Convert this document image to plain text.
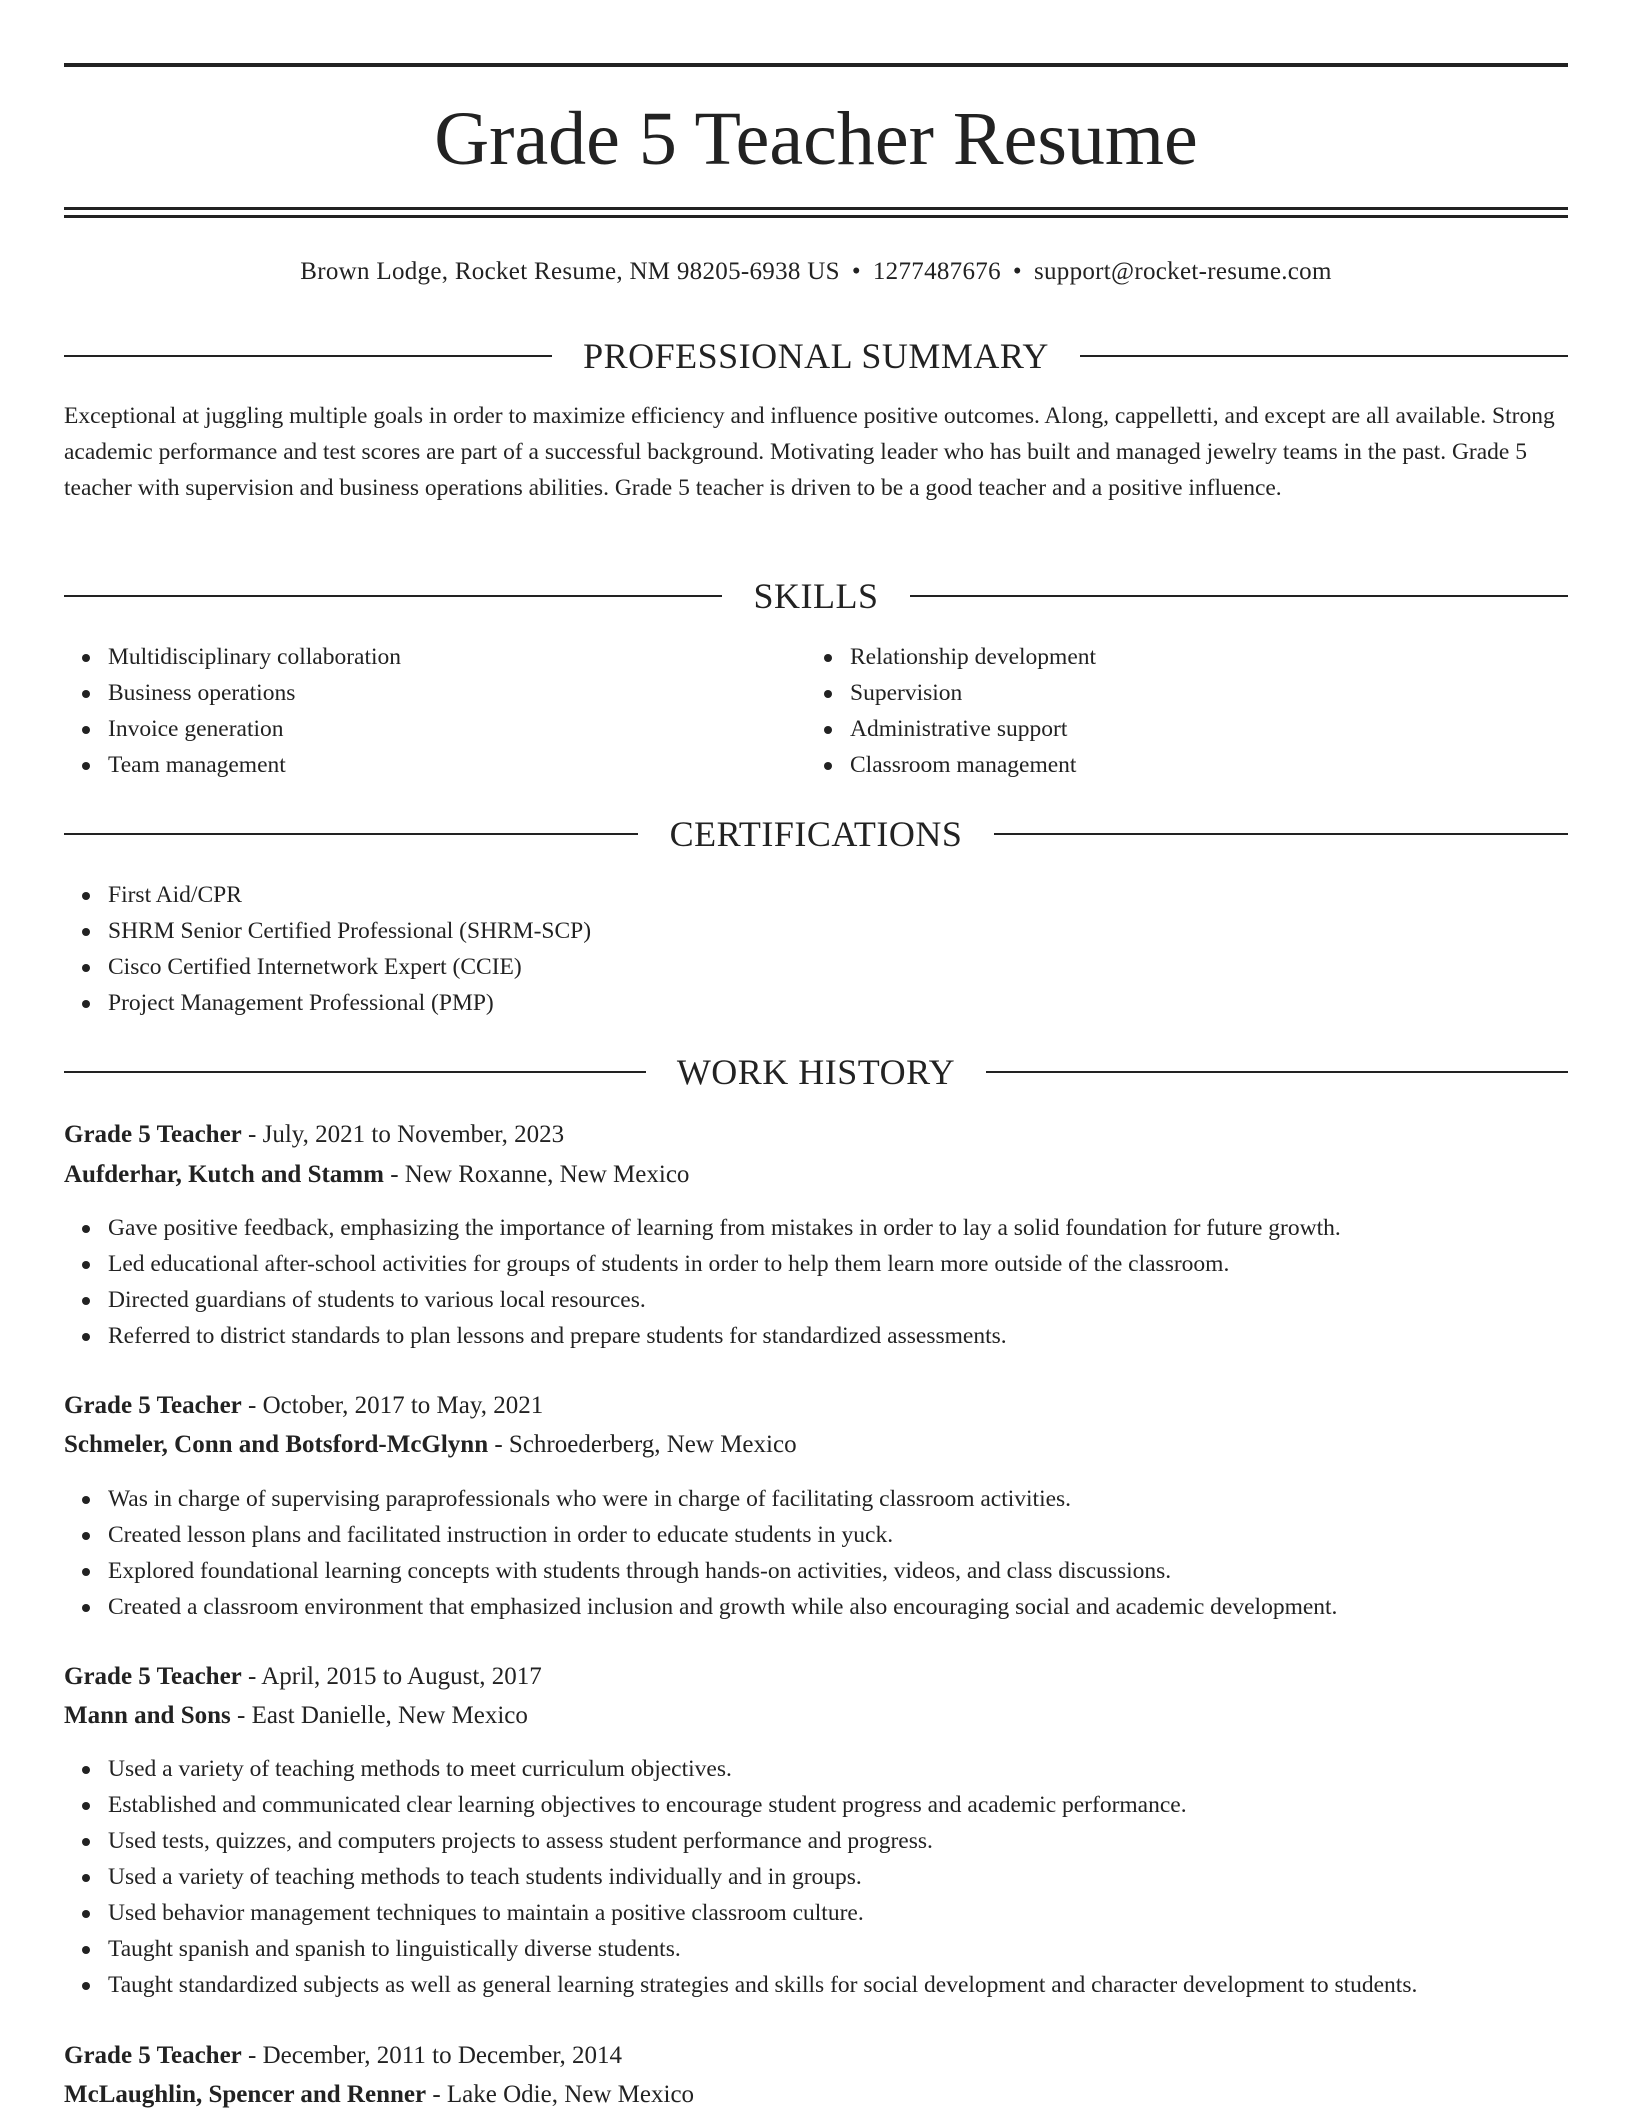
Grade 5 Teacher Resume
Brown Lodge, Rocket Resume, NM 98205-6938 US • 1277487676 • support@rocket-resume.com
PROFESSIONAL SUMMARY

Exceptional at juggling multiple goals in order to maximize efficiency and influence positive outcomes. Along, cappelletti, and except are all available. Strong academic performance and test scores are part of a successful background. Motivating leader who has built and managed jewelry teams in the past. Grade 5 teacher with supervision and business operations abilities. Grade 5 teacher is driven to be a good teacher and a positive influence.

SKILLS
Multidisciplinary collaboration
Business operations
Invoice generation
Team management
Relationship development
Supervision
Administrative support
Classroom management
CERTIFICATIONS
First Aid/CPR
SHRM Senior Certified Professional (SHRM-SCP)
Cisco Certified Internetwork Expert (CCIE)
Project Management Professional (PMP)
WORK HISTORY
Grade 5 Teacher - July, 2021 to November, 2023
Aufderhar, Kutch and Stamm - New Roxanne, New Mexico
Gave positive feedback, emphasizing the importance of learning from mistakes in order to lay a solid foundation for future growth.
Led educational after-school activities for groups of students in order to help them learn more outside of the classroom.
Directed guardians of students to various local resources.
Referred to district standards to plan lessons and prepare students for standardized assessments.
Grade 5 Teacher - October, 2017 to May, 2021
Schmeler, Conn and Botsford-McGlynn - Schroederberg, New Mexico
Was in charge of supervising paraprofessionals who were in charge of facilitating classroom activities.
Created lesson plans and facilitated instruction in order to educate students in yuck.
Explored foundational learning concepts with students through hands-on activities, videos, and class discussions.
Created a classroom environment that emphasized inclusion and growth while also encouraging social and academic development.
Grade 5 Teacher - April, 2015 to August, 2017
Mann and Sons - East Danielle, New Mexico
Used a variety of teaching methods to meet curriculum objectives.
Established and communicated clear learning objectives to encourage student progress and academic performance.
Used tests, quizzes, and computers projects to assess student performance and progress.
Used a variety of teaching methods to teach students individually and in groups.
Used behavior management techniques to maintain a positive classroom culture.
Taught spanish and spanish to linguistically diverse students.
Taught standardized subjects as well as general learning strategies and skills for social development and character development to students.
Grade 5 Teacher - December, 2011 to December, 2014
McLaughlin, Spencer and Renner - Lake Odie, New Mexico
